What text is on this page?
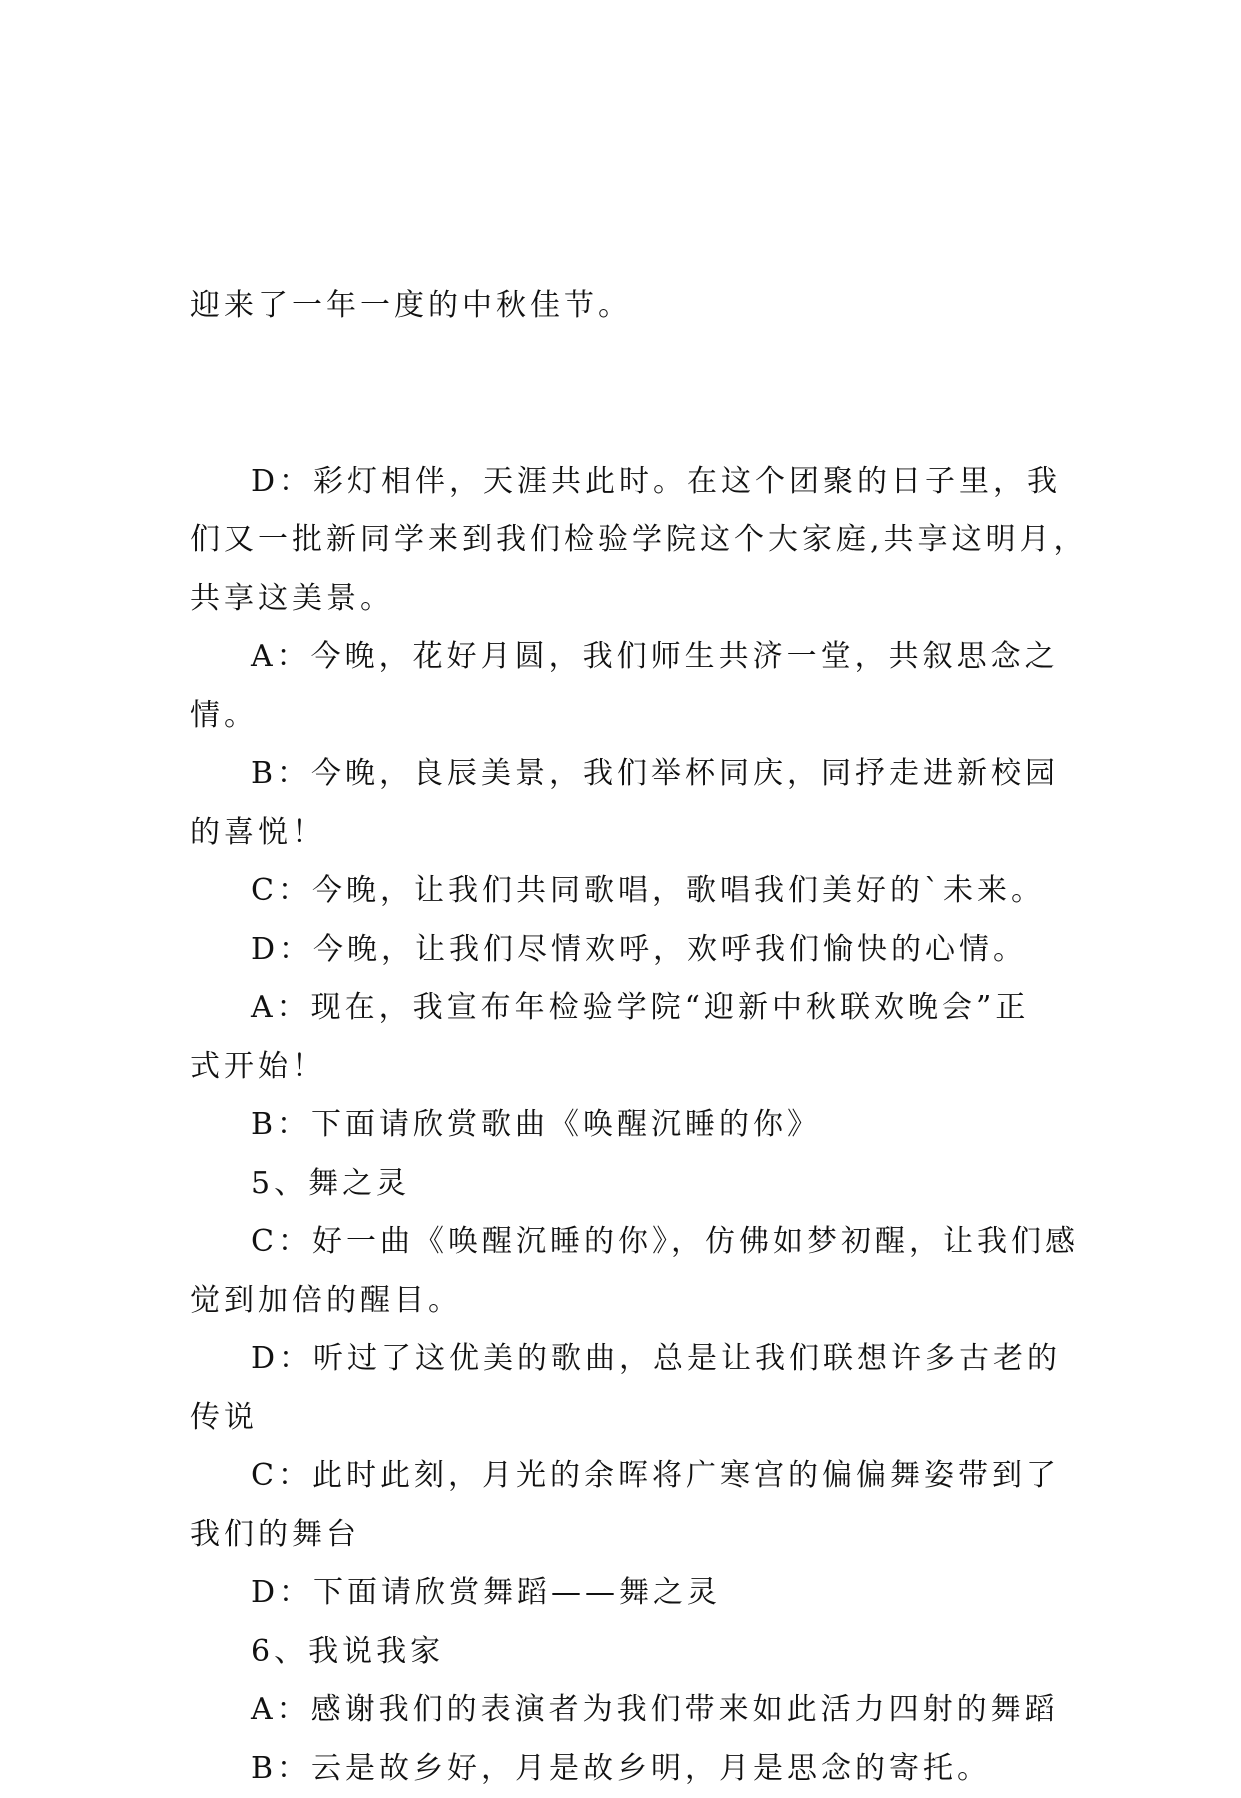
迎来了一年一度的中秋佳节。

D：彩灯相伴，天涯共此时。在这个团聚的日子里，我
们又一批新同学来到我们检验学院这个大家庭,共享这明月，
共享这美景。

A：今晚，花好月圆，我们师生共济一堂，共叙思念之
情。

B：今晚，良辰美景，我们举杯同庆，同抒走进新校园
的喜悦！

C：今晚，让我们共同歌唱，歌唱我们美好的`未来。

D：今晚，让我们尽情欢呼，欢呼我们愉快的心情。

A：现在，我宣布年检验学院“迎新中秋联欢晚会”正
式开始！

B：下面请欣赏歌曲《唤醒沉睡的你》

5、舞之灵

C：好一曲《唤醒沉睡的你》，仿佛如梦初醒，让我们感
觉到加倍的醒目。

D：听过了这优美的歌曲，总是让我们联想许多古老的
传说

C：此时此刻，月光的余晖将广寒宫的偏偏舞姿带到了
我们的舞台

D：下面请欣赏舞蹈——舞之灵

6、我说我家

A：感谢我们的表演者为我们带来如此活力四射的舞蹈

B：云是故乡好，月是故乡明，月是思念的寄托。
